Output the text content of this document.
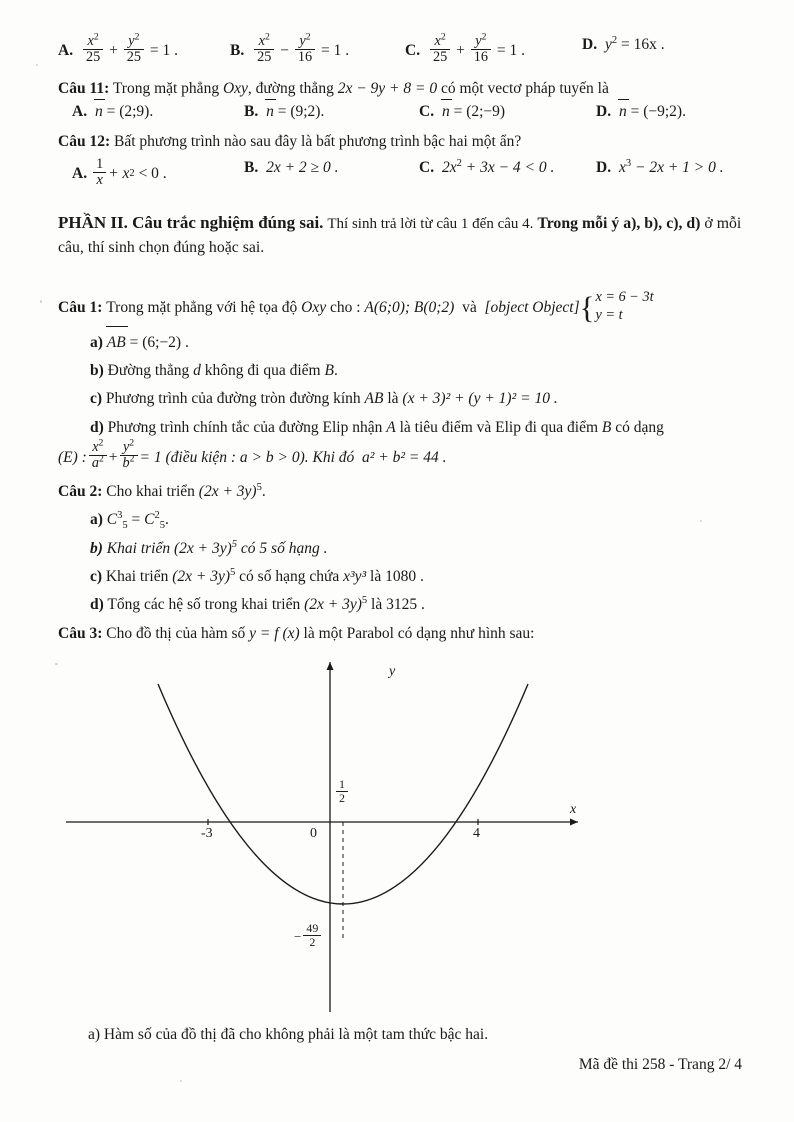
A. $\frac{x^2}{25} + \frac{y^2}{25} = 1$ .	B. $\frac{x^2}{25} - \frac{y^2}{16} = 1$ .	C. $\frac{x^2}{25} + \frac{y^2}{16} = 1$ .	D. $y^2 = 16x$ .
Câu 11: Trong mặt phẳng Oxy, đường thẳng 2x − 9y + 8 = 0 có một vectơ pháp tuyến là
A. n = (2;9).	B. n = (9;2).	C. n = (2;−9)	D. n = (−9;2).
Câu 12: Bất phương trình nào sau đây là bất phương trình bậc hai một ẩn?
A. $\frac{1}{x} + x$ 2
< 0 .	B. 2x + 2 ≥ 0 .	C. $2x^2 + 3x - 4 < 0$ .	D. $x^3 - 2x + 1 > 0$ .
PHẦN II. Câu trắc nghiệm đúng sai. Thí sinh trả lời từ câu 1 đến câu 4. Trong mỗi ý a), b), c), d) ở mỗi câu, thí sinh chọn đúng hoặc sai.
Câu 1:
Trong mặt phẳng với hệ tọa độ
Oxy
cho :
A(6;0); B(0;2)
và
[object Object] { x = 6 − 3t
y = t
a) AB = (6;−2) .
b) Đường thẳng d không đi qua điểm B.
c) Phương trình của đường tròn đường kính AB là (x + 3)² + (y + 1)² = 10 .
d) Phương trình chính tắc của đường Elip nhận A là tiêu điểm và Elip đi qua điểm B có dạng
(E) : $\frac{x^2}{a^2} + \frac{y^2}{b^2} = 1$ (điều kiện : a > b > 0). Khi đó
a² + b² = 44 .
Câu 2: Cho khai triển $(2x + 3y)^5$.
a) $C^3_5 = C^2_5$.
b) Khai triển $(2x + 3y)^5$ có 5 số hạng .
c) Khai triển $(2x + 3y)^5$ có số hạng chứa x³y³ là 1080 .
d) Tổng các hệ số trong khai triển $(2x + 3y)^5$ là 3125 .
Câu 3: Cho đồ thị của hàm số y = f (x) là một Parabol có dạng như hình sau:
y
x
-3	0	4
$\frac{1}{2}$
− $\frac{49}{2}$
a) Hàm số của đồ thị đã cho không phải là một tam thức bậc hai.
Mã đề thi 258 - Trang 2/ 4
